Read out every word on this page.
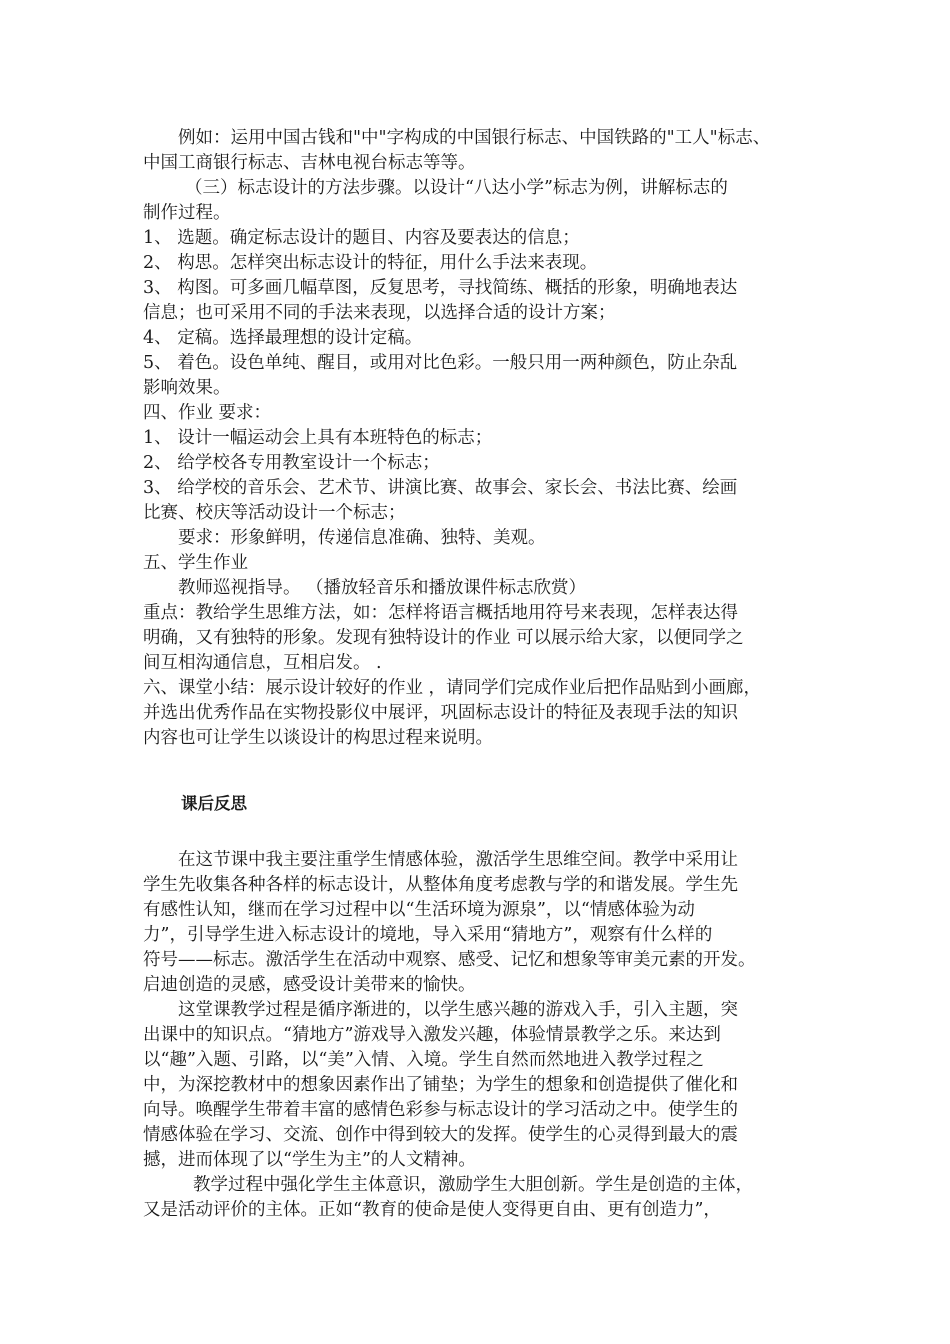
例如：运用中国古钱和"中"字构成的中国银行标志、中国铁路的"工人"标志、
中国工商银行标志、吉林电视台标志等等。
（三）标志设计的方法步骤。以设计“八达小学”标志为例，讲解标志的
制作过程。
1、 选题。确定标志设计的题目、内容及要表达的信息；
2、 构思。怎样突出标志设计的特征，用什么手法来表现。
3、 构图。可多画几幅草图，反复思考，寻找简练、概括的形象，明确地表达
信息；也可采用不同的手法来表现，以选择合适的设计方案；
4、 定稿。选择最理想的设计定稿。
5、 着色。设色单纯、醒目，或用对比色彩。一般只用一两种颜色，防止杂乱
影响效果。
四、作业 要求：
1、 设计一幅运动会上具有本班特色的标志；
2、 给学校各专用教室设计一个标志；
3、 给学校的音乐会、艺术节、讲演比赛、故事会、家长会、书法比赛、绘画
比赛、校庆等活动设计一个标志；
要求：形象鲜明，传递信息准确、独特、美观。
五、学生作业
教师巡视指导。 （播放轻音乐和播放课件标志欣赏）
重点：教给学生思维方法，如：怎样将语言概括地用符号来表现，怎样表达得
明确，又有独特的形象。发现有独特设计的作业 可以展示给大家，以便同学之
间互相沟通信息，互相启发。 .
六、课堂小结：展示设计较好的作业 ，请同学们完成作业后把作品贴到小画廊，
并选出优秀作品在实物投影仪中展评，巩固标志设计的特征及表现手法的知识
内容也可让学生以谈设计的构思过程来说明。
课后反思
在这节课中我主要注重学生情感体验，激活学生思维空间。教学中采用让
学生先收集各种各样的标志设计，从整体角度考虑教与学的和谐发展。学生先
有感性认知，继而在学习过程中以“生活环境为源泉”，以“情感体验为动
力”，引导学生进入标志设计的境地，导入采用“猜地方”，观察有什么样的
符号——标志。激活学生在活动中观察、感受、记忆和想象等审美元素的开发。
启迪创造的灵感，感受设计美带来的愉快。
这堂课教学过程是循序渐进的，以学生感兴趣的游戏入手，引入主题，突
出课中的知识点。“猜地方”游戏导入激发兴趣，体验情景教学之乐。来达到
以“趣”入题、引路，以“美”入情、入境。学生自然而然地进入教学过程之
中，为深挖教材中的想象因素作出了铺垫；为学生的想象和创造提供了催化和
向导。唤醒学生带着丰富的感情色彩参与标志设计的学习活动之中。使学生的
情感体验在学习、交流、创作中得到较大的发挥。使学生的心灵得到最大的震
撼，进而体现了以“学生为主”的人文精神。
教学过程中强化学生主体意识，激励学生大胆创新。学生是创造的主体，
又是活动评价的主体。正如“教育的使命是使人变得更自由、更有创造力”，
